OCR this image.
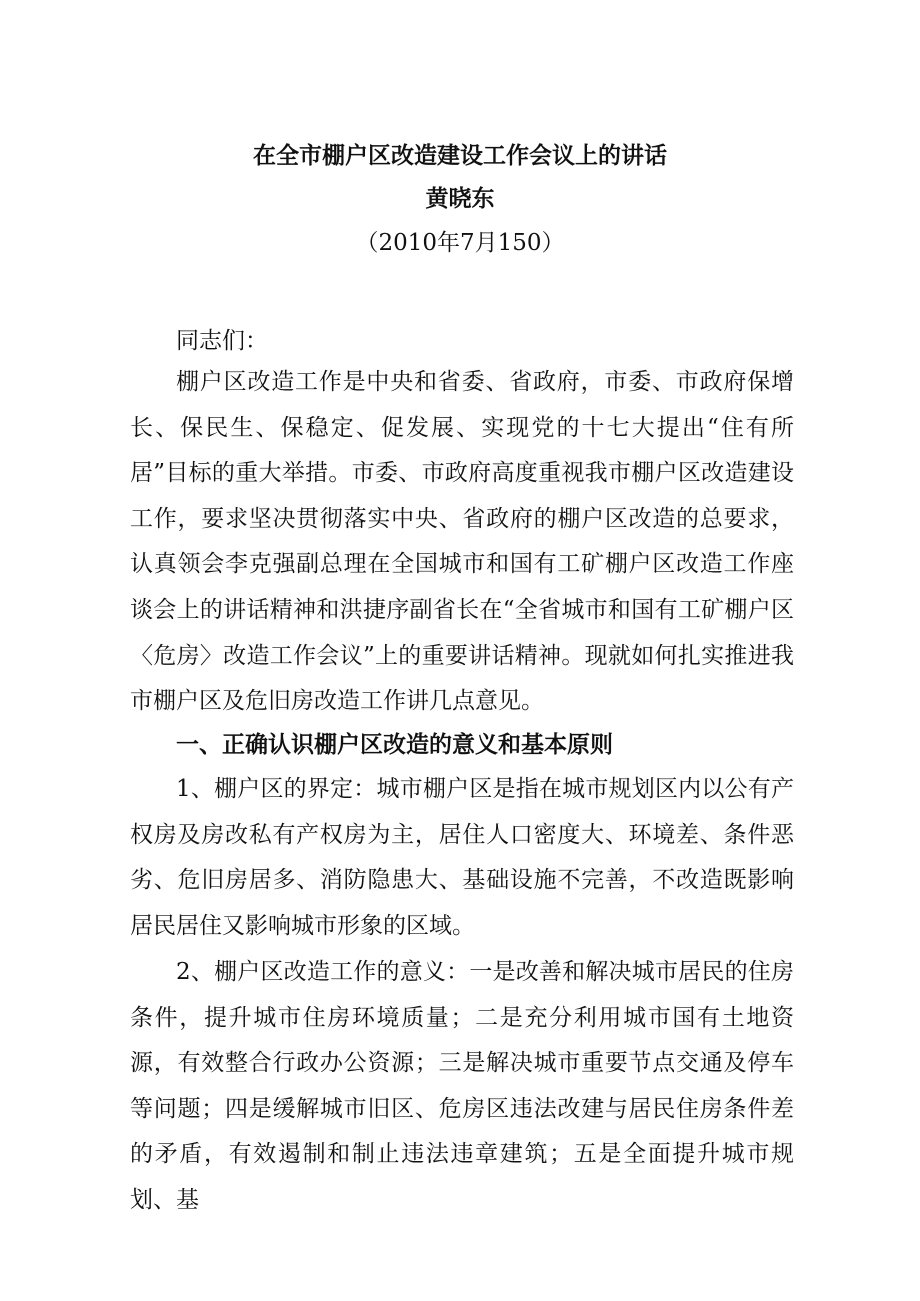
在全市棚户区改造建设工作会议上的讲话
黄晓东
（2010年7月150）

同志们：

棚户区改造工作是中央和省委、省政府，市委、市政府保增长、保民生、保稳定、促发展、实现党的十七大提出“住有所居”目标的重大举措。市委、市政府高度重视我市棚户区改造建设工作，要求坚决贯彻落实中央、省政府的棚户区改造的总要求，认真领会李克强副总理在全国城市和国有工矿棚户区改造工作座谈会上的讲话精神和洪捷序副省长在“全省城市和国有工矿棚户区〈危房〉改造工作会议”上的重要讲话精神。现就如何扎实推进我市棚户区及危旧房改造工作讲几点意见。

一、正确认识棚户区改造的意义和基本原则

1、棚户区的界定：城市棚户区是指在城市规划区内以公有产权房及房改私有产权房为主，居住人口密度大、环境差、条件恶劣、危旧房居多、消防隐患大、基础设施不完善，不改造既影响居民居住又影响城市形象的区域。

2、棚户区改造工作的意义：一是改善和解决城市居民的住房条件，提升城市住房环境质量；二是充分利用城市国有土地资源，有效整合行政办公资源；三是解决城市重要节点交通及停车等问题；四是缓解城市旧区、危房区违法改建与居民住房条件差的矛盾，有效遏制和制止违法违章建筑；五是全面提升城市规划、基
